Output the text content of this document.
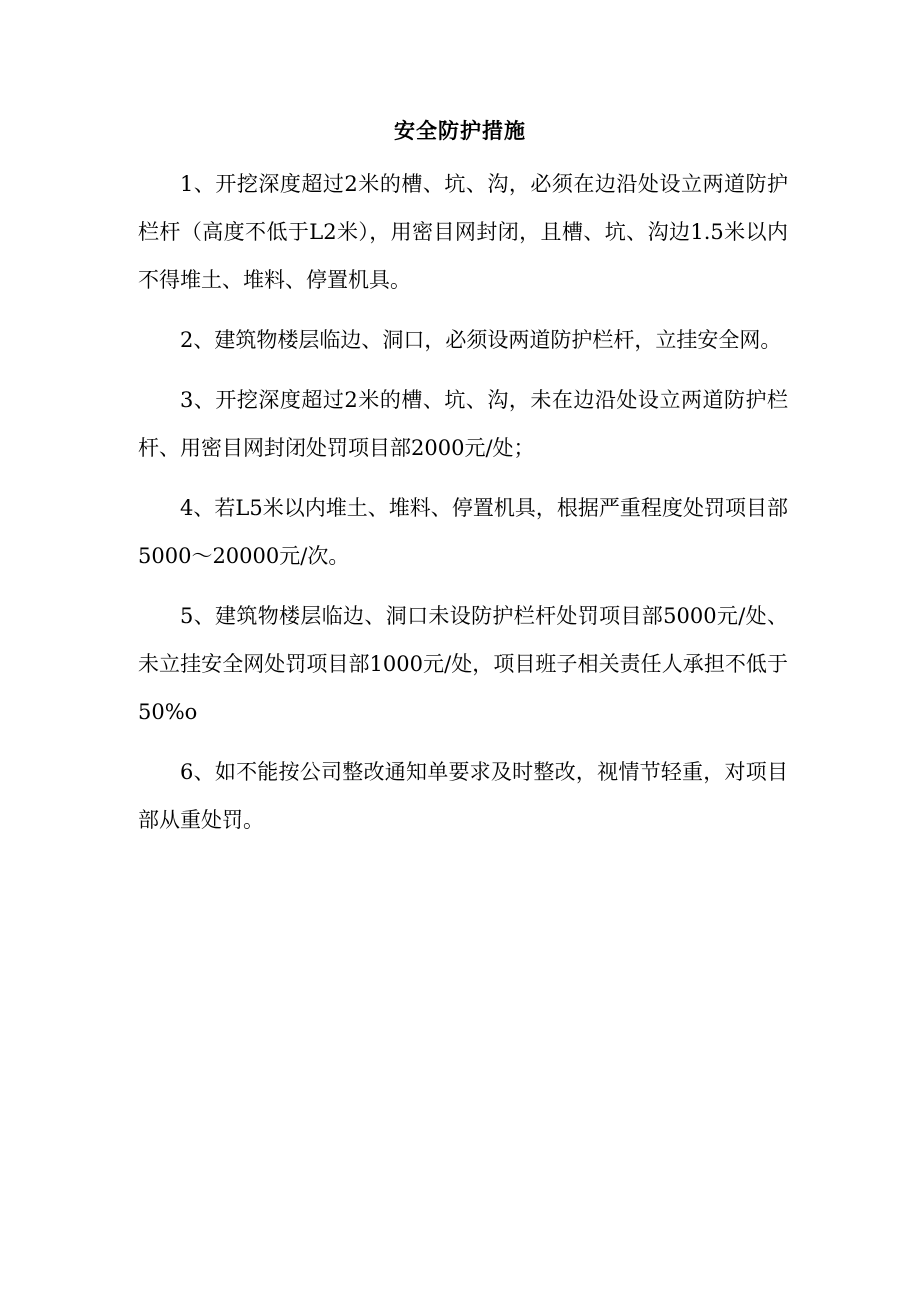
安全防护措施

1、开挖深度超过2米的槽、坑、沟，必须在边沿处设立两道防护栏杆（高度不低于L2米），用密目网封闭，且槽、坑、沟边1.5米以内不得堆土、堆料、停置机具。

2、建筑物楼层临边、洞口，必须设两道防护栏杆，立挂安全网。

3、开挖深度超过2米的槽、坑、沟，未在边沿处设立两道防护栏杆、用密目网封闭处罚项目部2000元/处；

4、若L5米以内堆土、堆料、停置机具，根据严重程度处罚项目部5000～20000元/次。

5、建筑物楼层临边、洞口未设防护栏杆处罚项目部5000元/处、未立挂安全网处罚项目部1000元/处，项目班子相关责任人承担不低于50%o

6、如不能按公司整改通知单要求及时整改，视情节轻重，对项目部从重处罚。
